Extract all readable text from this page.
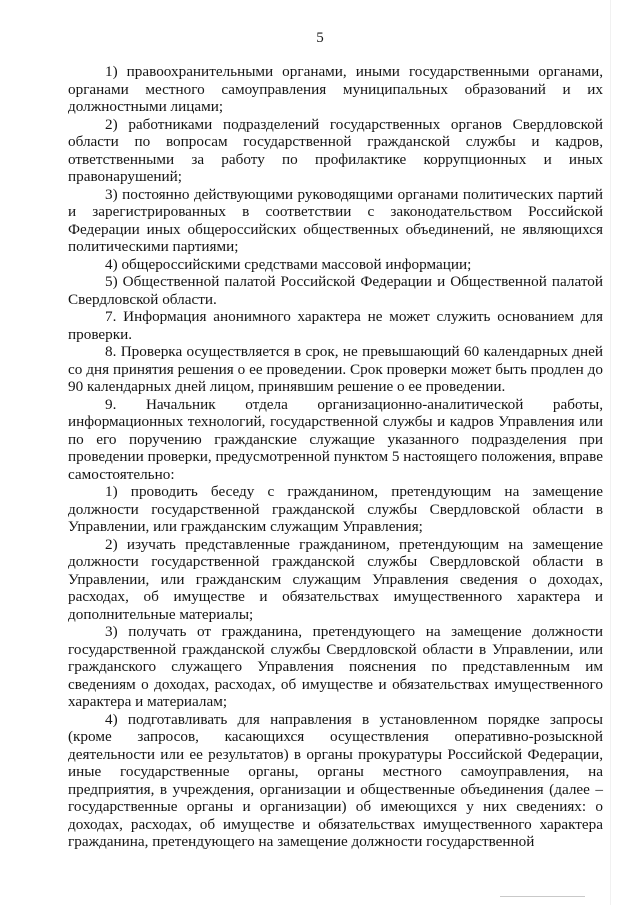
5

1) правоохранительными органами, иными государственными органами, органами местного самоуправления муниципальных образований и их должностными лицами;

2) работниками подразделений государственных органов Свердловской области по вопросам государственной гражданской службы и кадров, ответственными за работу по профилактике коррупционных и иных правонарушений;

3) постоянно действующими руководящими органами политических партий и зарегистрированных в соответствии с законодательством Российской Федерации иных общероссийских общественных объединений, не являющихся политическими партиями;

4) общероссийскими средствами массовой информации;

5) Общественной палатой Российской Федерации и Общественной палатой Свердловской области.

7. Информация анонимного характера не может служить основанием для проверки.

8. Проверка осуществляется в срок, не превышающий 60 календарных дней со дня принятия решения о ее проведении. Срок проверки может быть продлен до 90 календарных дней лицом, принявшим решение о ее проведении.

9. Начальник отдела организационно-аналитической работы, информационных технологий, государственной службы и кадров Управления или по его поручению гражданские служащие указанного подразделения при проведении проверки, предусмотренной пунктом 5 настоящего положения, вправе самостоятельно:

1) проводить беседу с гражданином, претендующим на замещение должности государственной гражданской службы Свердловской области в Управлении, или гражданским служащим Управления;

2) изучать представленные гражданином, претендующим на замещение должности государственной гражданской службы Свердловской области в Управлении, или гражданским служащим Управления сведения о доходах, расходах, об имуществе и обязательствах имущественного характера и дополнительные материалы;

3) получать от гражданина, претендующего на замещение должности государственной гражданской службы Свердловской области в Управлении, или гражданского служащего Управления пояснения по представленным им сведениям о доходах, расходах, об имуществе и обязательствах имущественного характера и материалам;

4) подготавливать для направления в установленном порядке запросы (кроме запросов, касающихся осуществления оперативно-розыскной деятельности или ее результатов) в органы прокуратуры Российской Федерации, иные государственные органы, органы местного самоуправления, на предприятия, в учреждения, организации и общественные объединения (далее – государственные органы и организации) об имеющихся у них сведениях: о доходах, расходах, об имуществе и обязательствах имущественного характера гражданина, претендующего на замещение должности государственной
